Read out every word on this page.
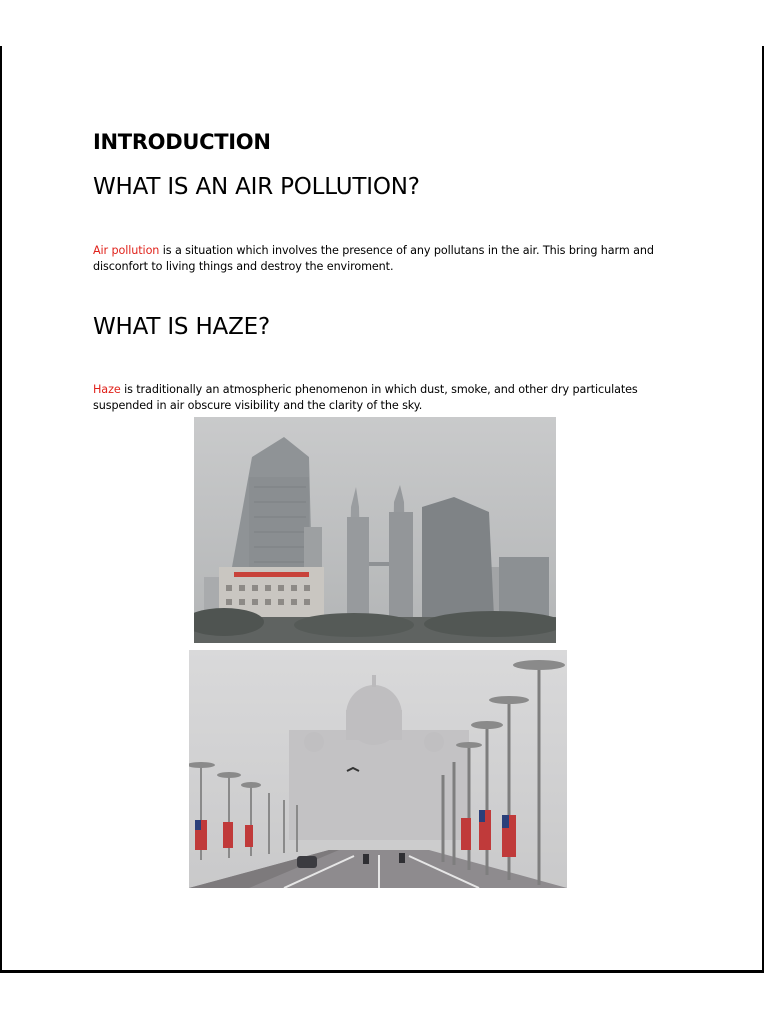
INTRODUCTION
WHAT IS AN AIR POLLUTION?
Air pollution is a situation which involves the presence of any pollutans in the air. This bring harm and
disconfort to living things and destroy the enviroment.
WHAT IS HAZE?
Haze is traditionally an atmospheric phenomenon in which dust, smoke, and other dry particulates
suspended in air obscure visibility and the clarity of the sky.
